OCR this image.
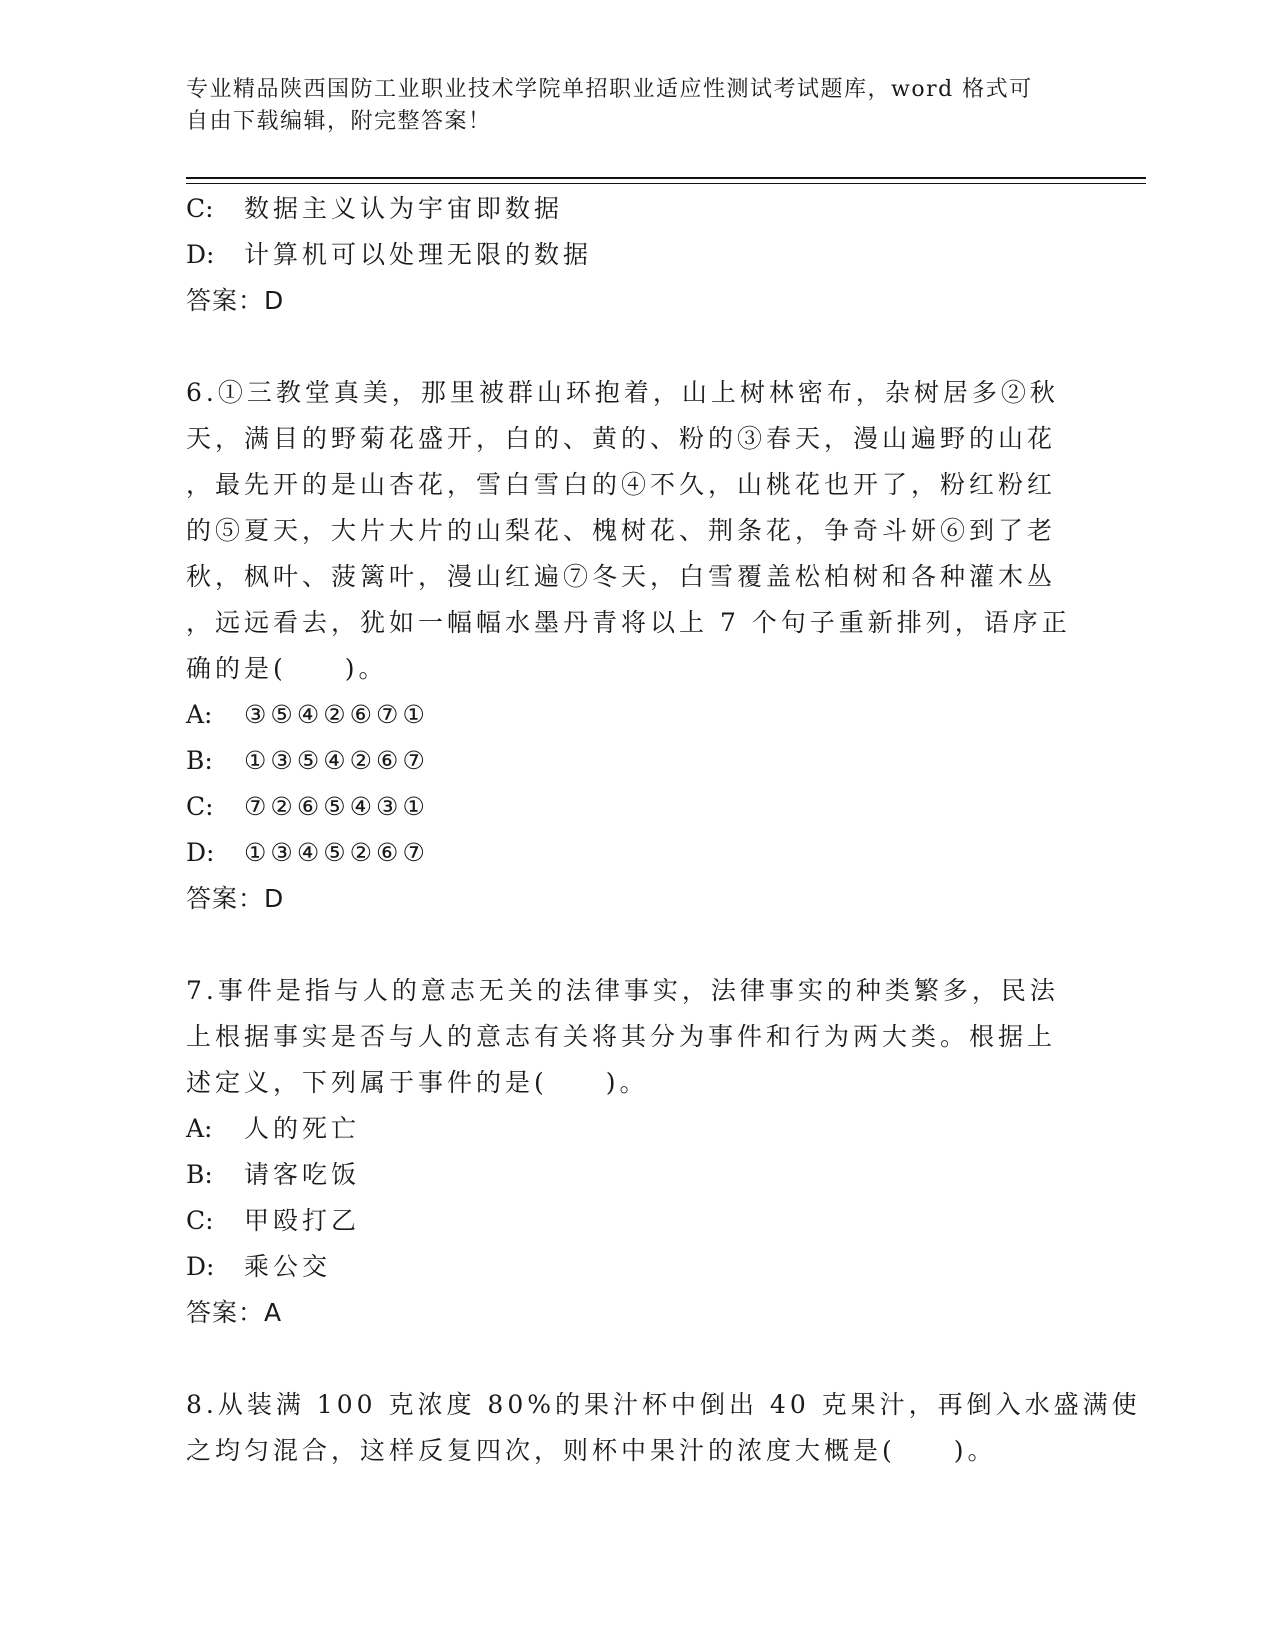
专业精品陕西国防工业职业技术学院单招职业适应性测试考试题库，word 格式可
自由下载编辑，附完整答案！
C: 数据主义认为宇宙即数据
D: 计算机可以处理无限的数据
答案：D
6.①三教堂真美，那里被群山环抱着，山上树林密布，杂树居多②秋
天，满目的野菊花盛开，白的、黄的、粉的③春天，漫山遍野的山花
，最先开的是山杏花，雪白雪白的④不久，山桃花也开了，粉红粉红
的⑤夏天，大片大片的山梨花、槐树花、荆条花，争奇斗妍⑥到了老
秋，枫叶、菠篱叶，漫山红遍⑦冬天，白雪覆盖松柏树和各种灌木丛
，远远看去，犹如一幅幅水墨丹青将以上 7 个句子重新排列，语序正
确的是(　　)。
A: ③⑤④②⑥⑦①
B: ①③⑤④②⑥⑦
C: ⑦②⑥⑤④③①
D: ①③④⑤②⑥⑦
答案：D
7.事件是指与人的意志无关的法律事实，法律事实的种类繁多，民法
上根据事实是否与人的意志有关将其分为事件和行为两大类。根据上
述定义，下列属于事件的是(　　)。
A: 人的死亡
B: 请客吃饭
C: 甲殴打乙
D: 乘公交
答案：A
8.从装满 100 克浓度 80%的果汁杯中倒出 40 克果汁，再倒入水盛满使
之均匀混合，这样反复四次，则杯中果汁的浓度大概是(　　)。
